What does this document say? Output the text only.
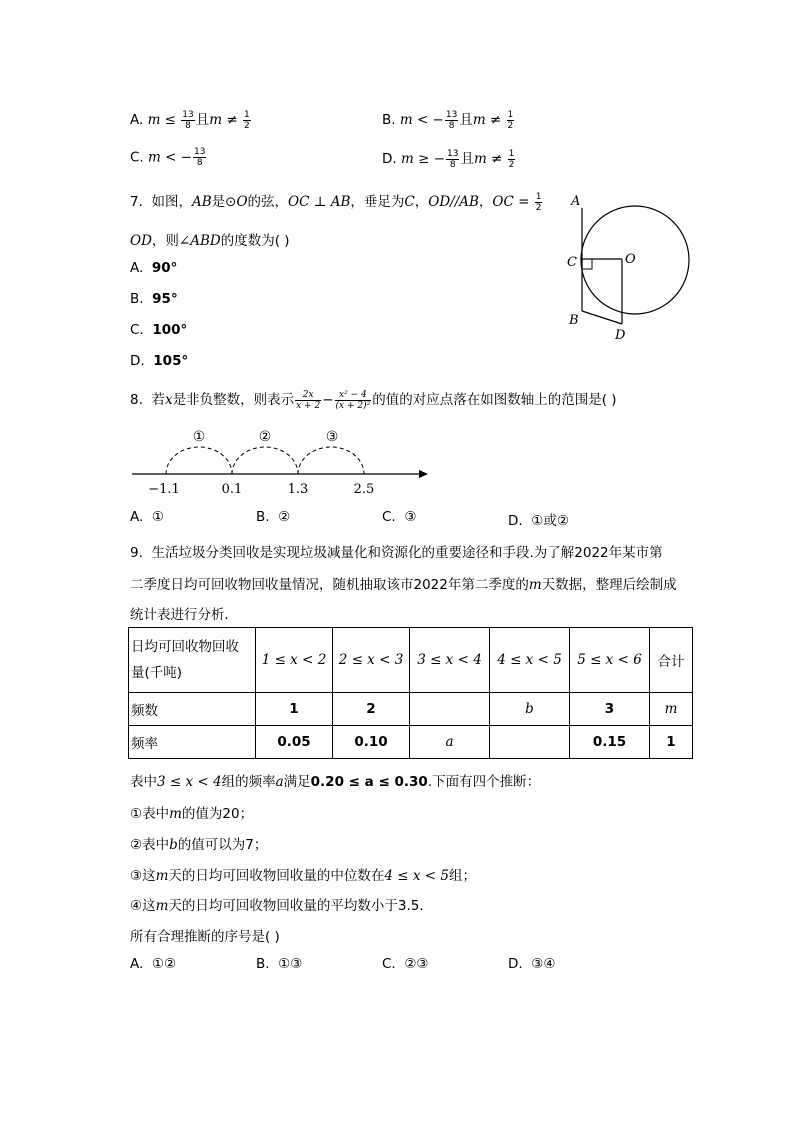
A. $m \le \frac{13}{8}$ 且$m \ne \frac{1}{2}$	B. m < − $\frac{13}{8}$ 且$m \ne \frac{1}{2}$
C. m < − $\frac{13}{8}$	D. m ≥ − $\frac{13}{8}$ 且$m \ne \frac{1}{2}$
7. 如图，AB是⊙O的弦，OC ⊥ AB，垂足为C，OD//AB，OC = $\frac{1}{2}$
OD，则∠ABD的度数为( )
A. 90°
B. 95°
C. 100°
D. 105°
A
C	O
B
D
8. 若x是非负整数，则表示 $\frac{2x}{x + 2} - \frac{\text{x² − 4}}{\text{(x + 2)²}}$ 的值的对应点落在如图数轴上的范围是( )
①	②	③
−1.1	0.1	1.3	2.5
A. ①	B. ②	C. ③	D. ①或②
9. 生活垃圾分类回收是实现垃圾减量化和资源化的重要途径和手段.为了解2022年某市第
二季度日均可回收物回收量情况，随机抽取该市2022年第二季度的m天数据，整理后绘制成
统计表进行分析．
日均可回收物回收
量(千吨)	1 ≤ x < 2	2 ≤ x < 3	3 ≤ x < 4	4 ≤ x < 5	5 ≤ x < 6	合计
频数	1	2		b	3	m
频率	0.05	0.10	a		0.15	1
表中3 ≤ x < 4组的频率a满足0.20 ≤ a ≤ 0.30.下面有四个推断：
①表中m的值为20；
②表中b的值可以为7；
③这m天的日均可回收物回收量的中位数在4 ≤ x < 5组；
④这m天的日均可回收物回收量的平均数小于3.5.
所有合理推断的序号是( )
A. ①②	B. ①③	C. ②③	D. ③④
